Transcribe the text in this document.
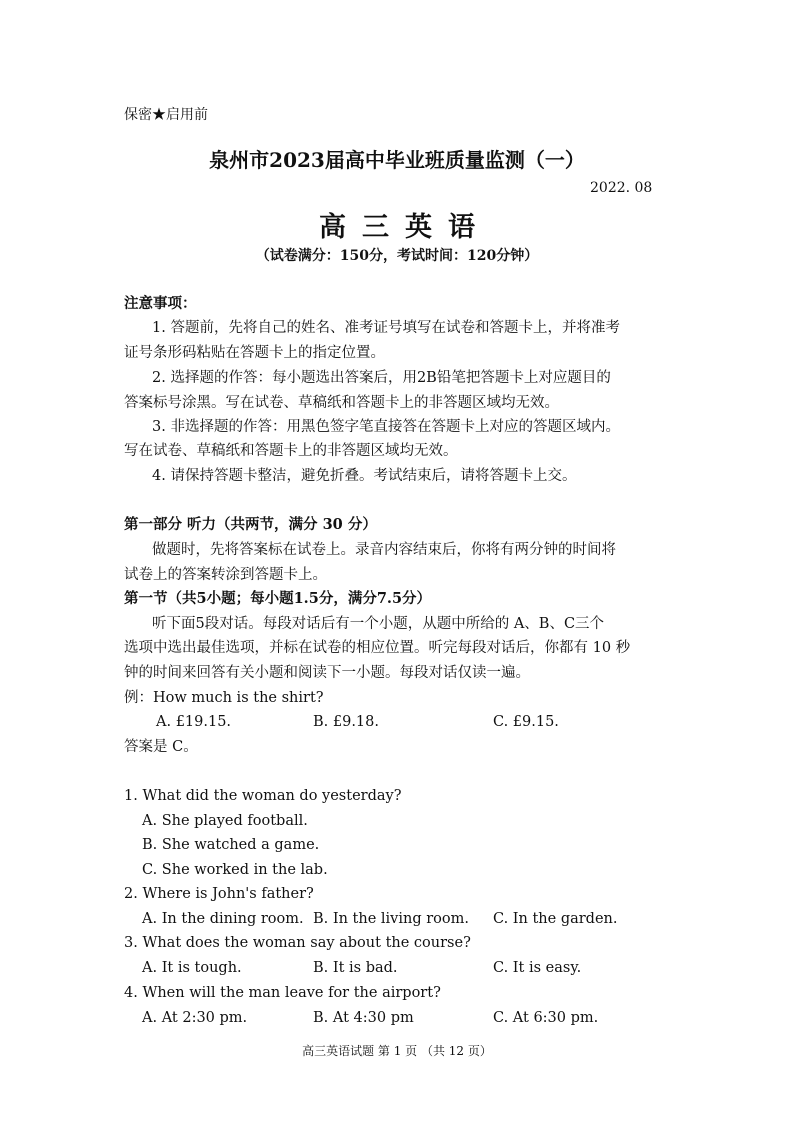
保密★启用前
泉州市2023届高中毕业班质量监测（一）
2022. 08
高三英语
（试卷满分：150分，考试时间：120分钟）
注意事项：
1. 答题前，先将自己的姓名、准考证号填写在试卷和答题卡上，并将准考
证号条形码粘贴在答题卡上的指定位置。
2. 选择题的作答：每小题选出答案后，用2B铅笔把答题卡上对应题目的
答案标号涂黑。写在试卷、草稿纸和答题卡上的非答题区域均无效。
3. 非选择题的作答：用黑色签字笔直接答在答题卡上对应的答题区域内。
写在试卷、草稿纸和答题卡上的非答题区域均无效。
4. 请保持答题卡整洁，避免折叠。考试结束后，请将答题卡上交。
第一部分 听力（共两节，满分 30 分）
做题时，先将答案标在试卷上。录音内容结束后，你将有两分钟的时间将
试卷上的答案转涂到答题卡上。
第一节（共5小题；每小题1.5分，满分7.5分）
听下面5段对话。每段对话后有一个小题，从题中所给的 A、B、C三个
选项中选出最佳选项，并标在试卷的相应位置。听完每段对话后，你都有 10 秒
钟的时间来回答有关小题和阅读下一小题。每段对话仅读一遍。
例：How much is the shirt?
A. £19.15.	B. £9.18.	C. £9.15.
答案是 C。
1. What did the woman do yesterday?
A. She played football.
B. She watched a game.
C. She worked in the lab.
2. Where is John's father?
A. In the dining room. B. In the living room. C. In the garden.
3. What does the woman say about the course?
A. It is tough.	B. It is bad.	C. It is easy.
4. When will the man leave for the airport?
A. At 2:30 pm.	B. At 4:30 pm	C. At 6:30 pm.
高三英语试题 第 1 页 （共 12 页）
